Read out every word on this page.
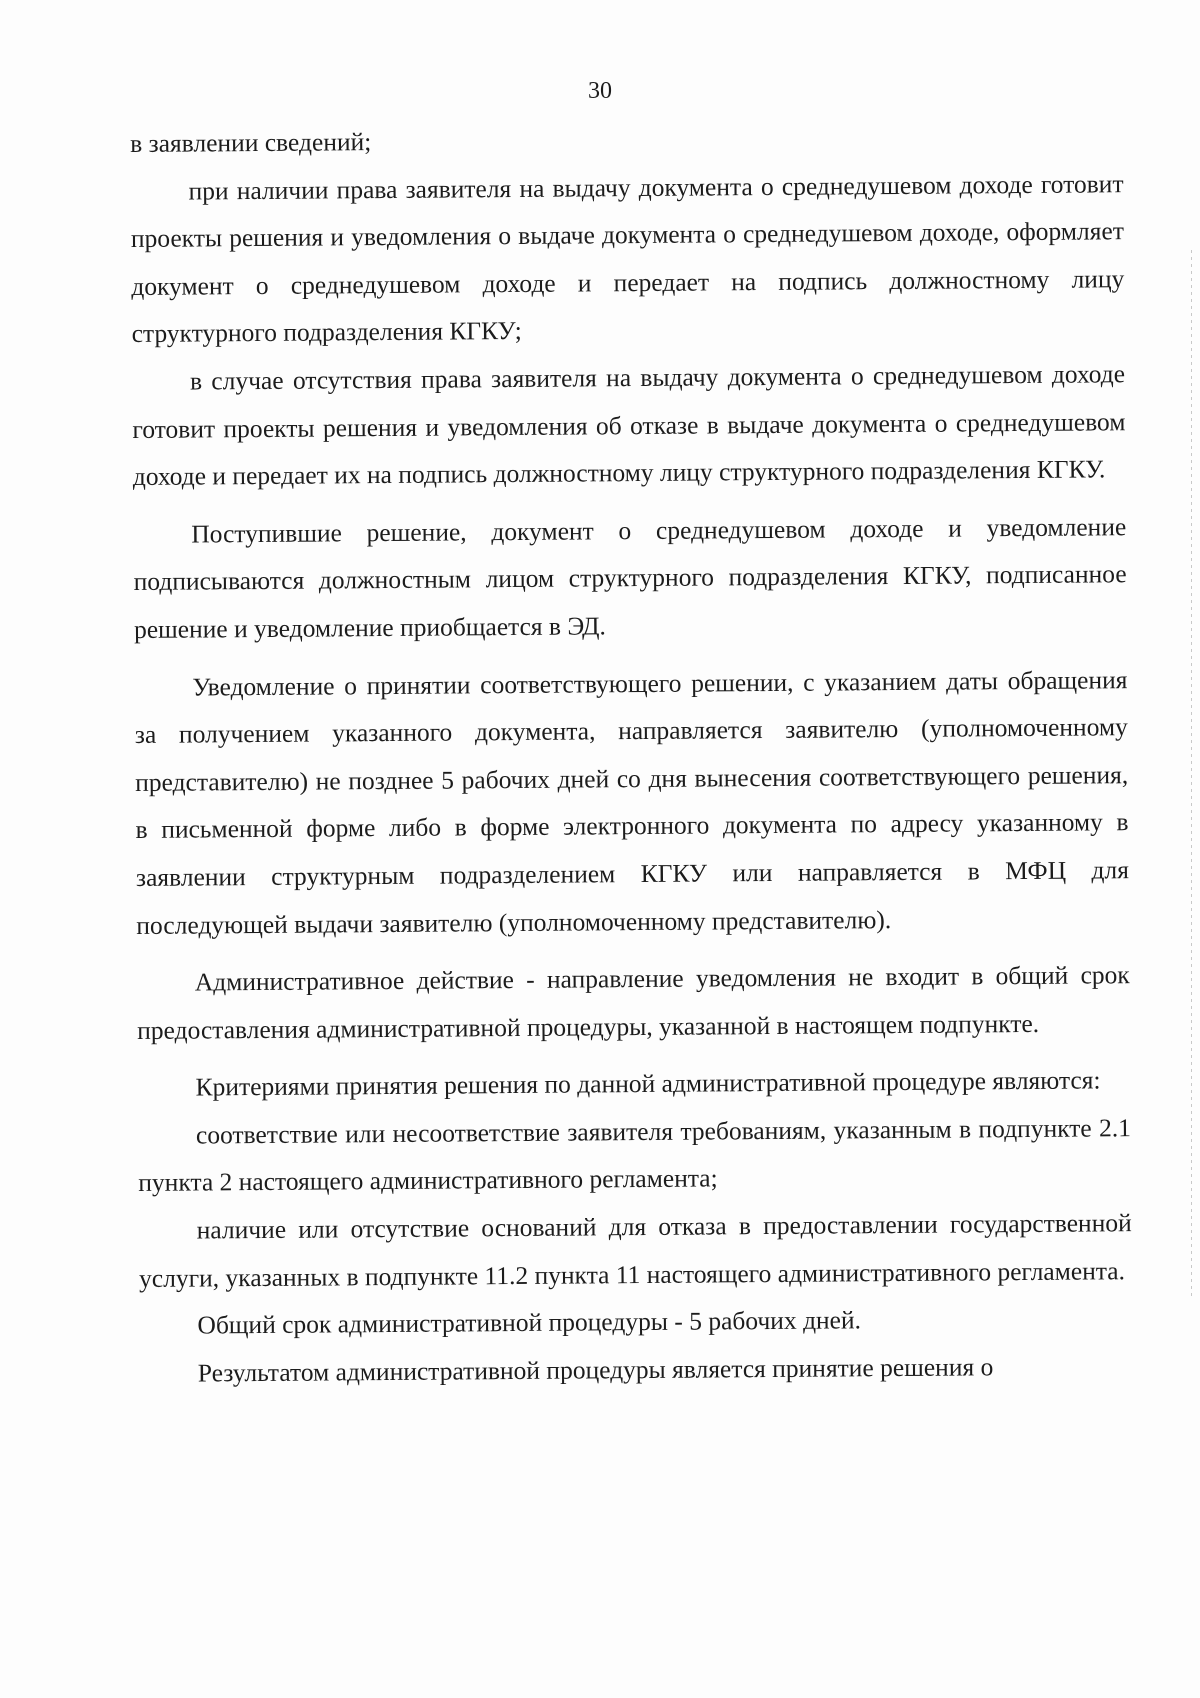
30

в заявлении сведений;

при наличии права заявителя на выдачу документа о среднедушевом доходе готовит проекты решения и уведомления о выдаче документа о среднедушевом доходе, оформляет документ о среднедушевом доходе и передает на подпись должностному лицу структурного подразделения КГКУ;

в случае отсутствия права заявителя на выдачу документа о среднедушевом доходе готовит проекты решения и уведомления об отказе в выдаче документа о среднедушевом доходе и передает их на подпись должностному лицу структурного подразделения КГКУ.

Поступившие решение, документ о среднедушевом доходе и уведомление подписываются должностным лицом структурного подразделения КГКУ, подписанное решение и уведомление приобщается в ЭД.

Уведомление о принятии соответствующего решении, с указанием даты обращения за получением указанного документа, направляется заявителю (уполномоченному представителю) не позднее 5 рабочих дней со дня вынесения соответствующего решения, в письменной форме либо в форме электронного документа по адресу указанному в заявлении структурным подразделением КГКУ или направляется в МФЦ для последующей выдачи заявителю (уполномоченному представителю).

Административное действие - направление уведомления не входит в общий срок предоставления административной процедуры, указанной в настоящем подпункте.

Критериями принятия решения по данной административной процедуре являются:

соответствие или несоответствие заявителя требованиям, указанным в подпункте 2.1 пункта 2 настоящего административного регламента;

наличие или отсутствие оснований для отказа в предоставлении государственной услуги, указанных в подпункте 11.2 пункта 11 настоящего административного регламента.

Общий срок административной процедуры - 5 рабочих дней.

Результатом административной процедуры является принятие решения о
